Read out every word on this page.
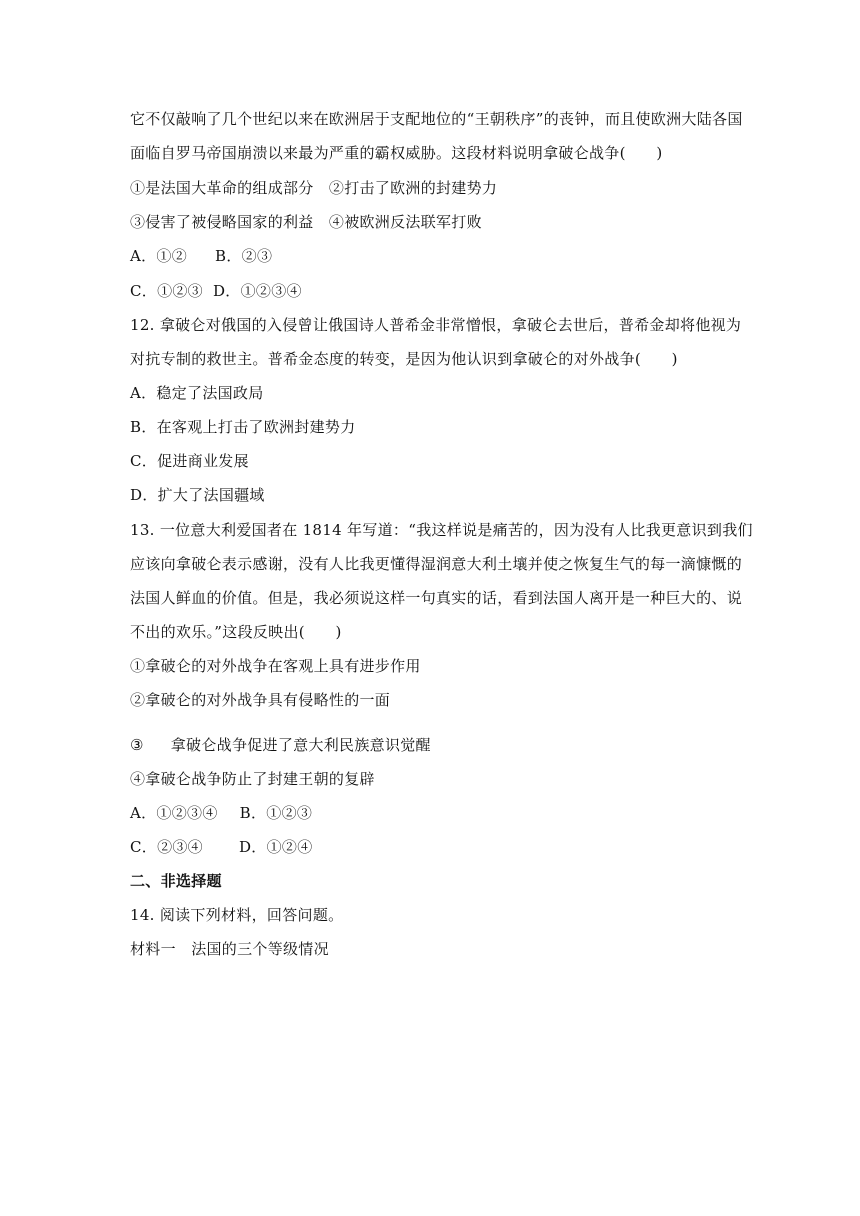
它不仅敲响了几个世纪以来在欧洲居于支配地位的“王朝秩序”的丧钟，而且使欧洲大陆各国
面临自罗马帝国崩溃以来最为严重的霸权威胁。这段材料说明拿破仑战争(　　)
①是法国大革命的组成部分　②打击了欧洲的封建势力
③侵害了被侵略国家的利益　④被欧洲反法联军打败
A．①② B．②③
C．①②③ D．①②③④
12. 拿破仑对俄国的入侵曾让俄国诗人普希金非常憎恨，拿破仑去世后，普希金却将他视为
对抗专制的救世主。普希金态度的转变，是因为他认识到拿破仑的对外战争(　　)
A．稳定了法国政局
B．在客观上打击了欧洲封建势力
C．促进商业发展
D．扩大了法国疆域
13. 一位意大利爱国者在 1814 年写道：“我这样说是痛苦的，因为没有人比我更意识到我们
应该向拿破仑表示感谢，没有人比我更懂得湿润意大利土壤并使之恢复生气的每一滴慷慨的
法国人鲜血的价值。但是，我必须说这样一句真实的话，看到法国人离开是一种巨大的、说
不出的欢乐。”这段反映出(　　)
①拿破仑的对外战争在客观上具有进步作用
②拿破仑的对外战争具有侵略性的一面
③ 拿破仑战争促进了意大利民族意识觉醒
④拿破仑战争防止了封建王朝的复辟
A．①②③④ B．①②③
C．②③④ D．①②④
二、非选择题
14. 阅读下列材料，回答问题。
材料一　法国的三个等级情况
